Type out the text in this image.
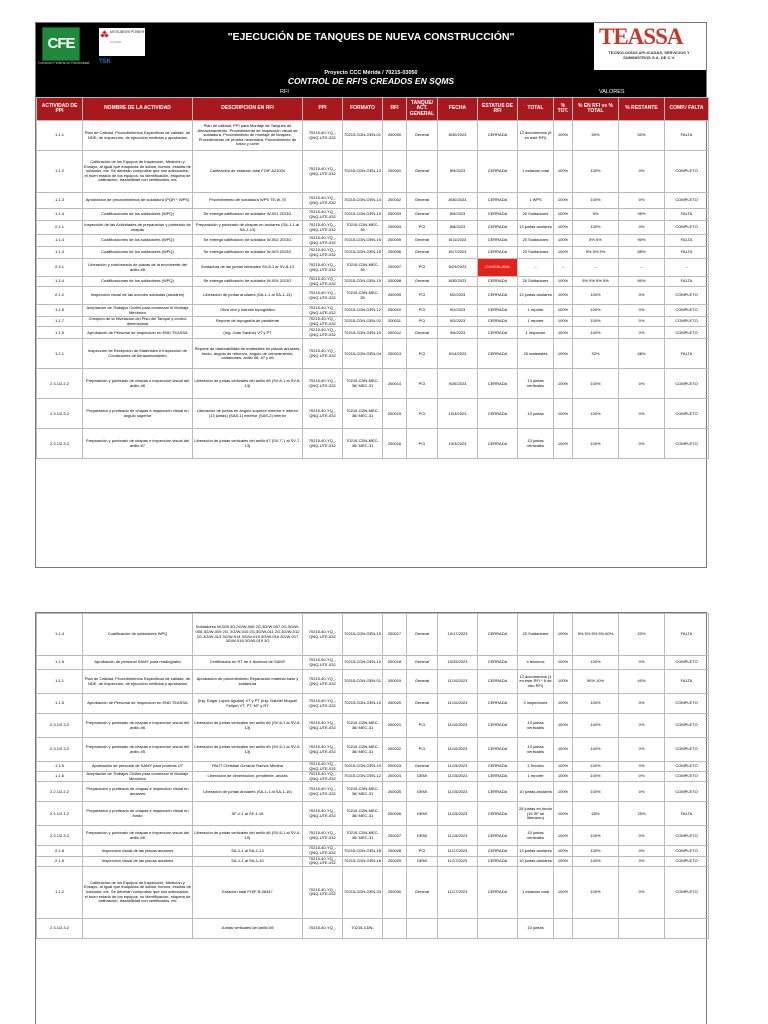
CFE
Comisión Federal de Electricidad
MITSUBISHI POWER
POWER
TSK
"EJECUCIÓN DE TANQUES DE NUEVA CONSTRUCCIÓN"	TEASSA
TECNOLOGÍAS APLICADAS, SERVICIOS Y SUMINISTROS S.A. DE C.V.
Proyecto CCC Mérida / 70215-03050
CONTROL DE RFI'S CREADOS EN SQMS
RFI	VALORES
ACTIVIDAD DE PPI	NOMBRE DE LA ACTIVIDAD	DESCRIPCION EN RFI	PPI	FORMATO	RFI	TANQUE/ ACT. GENERAL	FECHA	ESTATUS DE RFI	TOTAL	% TOT.	% EN RFI vs % TOTAL	% RESTANTE	COMP./ FALTA
1.1.1	Plan de Calidad, Procedimientos Especificos de calidad, de NDE, de inspección, de ejecución emitidos y aprobados	Plan de calidad, PPI para Montaje de Tanques de Almacenamiento, Procedimiento de inspección visual de soldadura, Procedimiento de montaje de tanques, Procedimiento de prueba neumática, Procedimiento de tosco y corte	70215-40-YQ_-QNQ-UTE-032	70215-CDN-GEN-01	200000	General	8/30/2023	CERRADA	12 documentos (6 en este RFI)	100%	50%	50%	FALTA
1.1.2	Calibración de los Equipos de Inspección, Medición y Ensayo, al igual que maquinas de soldar, hornos, estufas de soldador, etc. Se deberán comprobar que son adecuados, el buen estado de los equipos, su identificación, etiqueta de calibración, trazabilidad con certificados, etc	Calibración de estación total FOIF A21004	70215-40-YQ_-QNQ-UTE-032	70215-CDN-GEN-13	200001	General	8/9/2023	CERRADA	1 estación total	100%	100%	0%	COMPLETO
1.1.3	Aprobación de procedimientos de soldadura (PQR * WPS)	Procedimiento de soldadura WPS TE-W-70	70215-40-YQ_-QNQ-UTE-032	70215-CDN-GEN-14	200002	General	8/30/2023	CERRADA	1 WPS	100%	100%	0%	COMPLETO
1.1.4	Cualificaciones de los soldadores (WPQ)	Se entrega calificación de soldador W-001 2G/3G	70215-40-YQ_-QNQ-UTE-032	70215-CDN-GEN-15	200003	General	8/9/2023	CERRADA	20 Soldadores	100%	5%	95%	FALTA
2.1.1	Inspección de las Actividades de preparación y punteado de chapas	Preparación y punteado de chapas en anulares (SA-1-1 al SA-1-13)	70215-40-YQ_-QNQ-UTE-032	70215-CDN-MEC-36	200004	PCI	8/8/2023	CERRADA	13 juntas anulares	100%	100%	0%	COMPLETO
1.1.4	Cualificaciones de los soldadores (WPQ)	Se entrega calificación de soldador W-002 2G/3G	70215-40-YQ_-QNQ-UTE-032	70215-CDN-GEN-15	200005	General	8/11/2023	CERRADA	20 Soldadores	100%	5% 5%	90%	FALTA
1.1.4	Cualificaciones de los soldadores (WPQ)	Se entrega calificación de soldador W-003 2G/3G	70215-40-YQ_-QNQ-UTE-032	70215-CDN-GEN-15	200006	General	8/17/2023	CERRADA	20 Soldadores	100%	5% 5% 5%	85%	FALTA
2.3.1	Liberación y conformado de placas de la envolvente del anillo #8	Soldadura de las juntas verticales SV-8-1 al SV-8-13	70215-40-YQ_-QNQ-UTE-032	70215-CDN-MEC-36	200007	PCI	8/29/2023	CANCELADA	--	--	--	--	--
1.1.4	Cualificaciones de los soldadores (WPQ)	Se entrega calificación de soldador W-004 2G/3G	70215-40-YQ_-QNQ-UTE-032	70215-CDN-GEN-15	200008	General	8/30/2023	CERRADA	20 Soldadores	100%	5% 5% 5% 5%	80%	FALTA
2.1.2	Inspección visual de las uniones soldadas (anulares)	Liberación de juntas anulares (SA-1-1 al SA-1-13)	70215-40-YQ_-QNQ-UTE-032	70215-CDN-MEC-35	200009	PCI	9/2/2023	CERRADA	13 juntas anulares	100%	100%	0%	COMPLETO
1.1.6	Aceptación de Trabajos Civiles para comenzar el Montaje Mecánico	Obra civil y estudio topográfico	70215-40-YQ_-QNQ-UTE-032	70215-CDN-GEN-12	200010	PCI	9/2/2023	CERRADA	1 reporte	100%	100%	0%	COMPLETO
1.1.7	Chequeo de la Nivelación del Piso del Tanque y control dimensional	Reporte de topografía de pendiente	70215-40-YQ_-QNQ-UTE-032	70215-CDN-GEN-02	200011	PCI	9/2/2023	CERRADA	1 reporte	100%	100%	0%	COMPLETO
1.1.5	Aprobación de Personal de Inspección en END TEASSA	(Ing. Juan Santos) VT y PT	70215-40-YQ_-QNQ-UTE-032	70215-CDN-GEN-10	200012	General	9/5/2023	CERRADA	1 Inspector	100%	100%	0%	COMPLETO
1.2.1	Inspección de Recepción de Materiales e Inspección de Condiciones de Almacenamiento	Reporte de rastreabilidad de materiales en placas anulares, fondo, ángulo de refuerzo, ángulo de coronamiento, cartabones, anillo #8, #7 y #6	70215-40-YQ_-QNQ-UTE-032	70215-CDN-GEN-04	200013	PCI	9/14/2023	CERRADA	25 materiales	100%	32%	68%	FALTA
2.3.1/2.2.2	Preparación y punteado de chapas e inspeccion visual del anillo #8	Liberación de juntas verticales del anillo #8 (SV-8-1 al SV-8-13)	70215-40-YQ_-QNQ-UTE-032	70215-CDN-MEC-36/ MEC-31	200014	PCI	9/26/2023	CERRADA	13 juntas verticales	100%	100%	0%	COMPLETO
2.3.1/2.3.2	Preparación y punteado de chapas e inspección visual en ángulo superior	Liberación de juntas en ángulo superior exterior e interior (13 juntas) (SAS-1) exterior (SAS-2) interior	70215-40-YQ_-QNQ-UTE-032	70215-CDN-MEC-36/ MEC-31	200015	PCI	10/3/2023	CERRADA	13 juntas	100%	100%	0%	COMPLETO
2.3.1/2.3.2	Preparación y punteado de chapas e inspeccion visual del anillo #7	Liberación de juntas verticales del anillo #7 (SV-7-1 al SV-7-13)	70215-40-YQ_-QNQ-UTE-032	70215-CDN-MEC-36/ MEC-31	200016	PCI	10/3/2023	CERRADA	13 juntas verticales	100%	100%	0%	COMPLETO
1.1.4	Cualificación de soldadores WPQ	Soldadores W-005 3G,2G/W-006 2G,3G/W-007 2G,3G/W-008 3G/W-009 2G, 3G/W-010 2G,3G/W-011 2G,3G/W-012 2G,3G/W-013 3G/W-014 3G/W-015 3G/W-016 3G/W-017 3G/W-018 3G/W-019 3G	70215-40-YQ_-QNQ-UTE-032	70215-CDN-GEN-15	200017	General	10/17/2023	CERRADA	20 Soldadores	100%	5% 5% 5% 5% 60%	20%	FALTA
1.1.5	Aprobación de personal SAMY para readiografía	Certificados en RT de 4 técnicos de SAMY	70215-40-YQ_-QNQ-UTE-032	70215-CDN-GEN-10	200018	General	10/25/2023	CERRADA	4 técnicos	100%	100%	0%	COMPLETO
1.1.1	Plan de Calidad, Procedimientos Especificos de calidad, de NDE, de inspección, de ejecución emitidos y aprobados	Aprobación de procedimiento Reparación material base y soldadura	70215-40-YQ_-QNQ-UTE-032	70215-CDN-GEN-01	200019	General	11/10/2023	CERRADA	12 documentos (1 en este RFI * 6 de otro RFI)	100%	50% 10%	40%	FALTA
1.1.5	Aprobación de Personal de Inspección en END TEASSA	(Ing. Edgar Lopez Aguilar) VT y PT (Ing. Gabriel Mogoel Felipe) VT, PT, MT y RT	70215-40-YQ_-QNQ-UTE-032	70215-CDN-GEN-10	200020	General	11/10/2023	CERRADA	2 inspectores	100%	100%	0%	COMPLETO
2.3.1/2.3.2	Preparación y punteado de chapas e inspeccion visual del anillo #6	Liberación de juntas verticales del anillo #6 (SV-6-1 al SV-6-13)	70215-40-YQ_-QNQ-UTE-032	70215-CDN-MEC-36/ MEC-31	200021	PCI	11/10/2023	CERRADA	13 juntas verticales	100%	100%	0%	COMPLETO
2.3.1/2.3.2	Preparación y punteado de chapas e inspeccion visual del anillo #5	Liberación de juntas verticales del anillo #5 (SV-5-1 al SV-5-13)	70215-40-YQ_-QNQ-UTE-032	70215-CDN-MEC-36/ MEC-31	200022	PCI	11/10/2023	CERRADA	13 juntas verticales	100%	100%	0%	COMPLETO
1.1.5	Aprobación de personal de SAMY para pruebas UT	PAUT Christian Gerardo Ramos Medina	70215-40-YQ_-QNQ-UTE-032	70215-CDN-GEN-10	200023	General	11/15/2023	CERRADA	1 Tecnico	100%	100%	0%	COMPLETO
1.1.6	Aceptación de Trabajos Civiles para comenzar el Montaje Mecánico	Liberación de cimentación, pendiente, anclas	70215-40-YQ_-QNQ-UTE-032	70215-CDN-GEN-12	200024	DEMI	11/15/2023	CERRADA	1 reporte	100%	100%	0%	COMPLETO
2.2.1/2.2.2	Preparación y punteado de chapas e inspeccion visual en anulares	Liberación de juntas anulares (SA-1-1 al SA-1-10)	70215-40-YQ_-QNQ-UTE-032	70215-CDN-MEC-36/ MEC-31	200025	DEMI	11/15/2023	CERRADA	10 juntas anulares	100%	100%	0%	COMPLETO
2.1.1/2.1.2	Preparación y punteado de chapas e inspección visual en fondo	SF-1-1 al SF-1-16	70215-40-YQ_-QNQ-UTE-032	70215-CDN-MEC-36/ MEC-31	200026	DEMI	11/15/2023	CERRADA	28 juntas en fondo (16 SF se liberaron)	100%	65%	25%	FALTA
2.3.1/2.3.2	Preparación y punteado de chapas e inspeccion visual del anillo #6	Liberación de juntas verticales del anillo #6 (SV-6-1 al SV-6-10)	70215-40-YQ_-QNQ-UTE-032	70215-CDN-MEC-36/ MEC-31	200027	DEMI	11/15/2023	CERRADA	10 juntas verticales	100%	100%	0%	COMPLETO
2.1.8	Inspección visual de las placas anulares	SA-1-1 al SA-1-13	70215-40-YQ_-QNQ-UTE-032	70215-CDN-GEN-18	200028	PCI	11/17/2023	CERRADA	13 juntas anulares	100%	100%	0%	COMPLETO
2.1.8	Inspección visual de las placas anulares	SA-1-1 al SA-1-10	70215-40-YQ_-QNQ-UTE-032	70215-CDN-GEN-18	200029	DEMI	11/17/2023	CERRADA	10 juntas anulares	100%	100%	0%	COMPLETO
1.1.2	Calibración de los Equipos de Inspección, Medición y Ensayo, al igual que maquinas de soldar, hornos, estufas de soldador, etc. Se deberán comprobar que son adecuados, el buen estado de los equipos, su identificación, etiqueta de calibración, trazabilidad con certificados, etc	Estacion total FOIF B-06347	70215-40-YQ_-QNQ-UTE-032	70215-CDN-GEN-33	200030	General	11/17/2023	CERRADA	1 estación total	100%	100%	0%	COMPLETO
2.3.1/2.3.2		Juntas verticales del anillo #5	70215-40-YQ_-	70215-CDN-					10 juntas				
